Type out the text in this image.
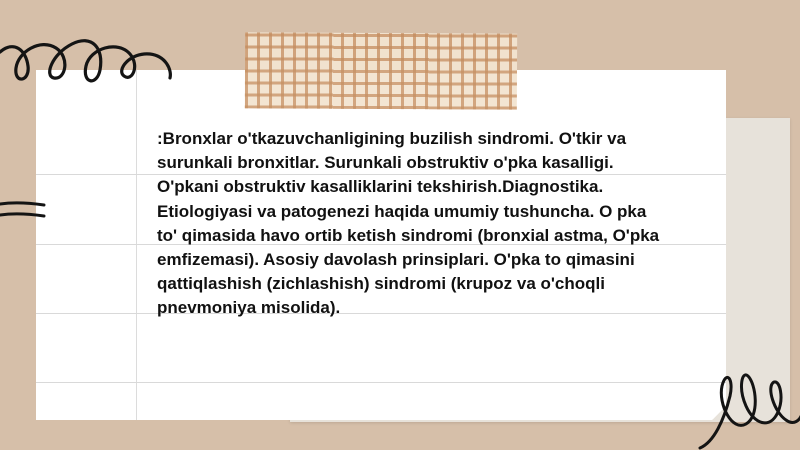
:Bronxlar o'tkazuvchanligining buzilish sindromi. O'tkir va surunkali bronxitlar. Surunkali obstruktiv o'pka kasalligi. O'pkani obstruktiv kasalliklarini tekshirish.Diagnostika. Etiologiyasi va patogenezi haqida umumiy tushuncha. O pka to' qimasida havo ortib ketish sindromi (bronxial astma, O'pka emfizemasi). Asosiy davolash prinsiplari. O'pka to qimasini qattiqlashish (zichlashish) sindromi (krupoz va o'choqli pnevmoniya misolida).
